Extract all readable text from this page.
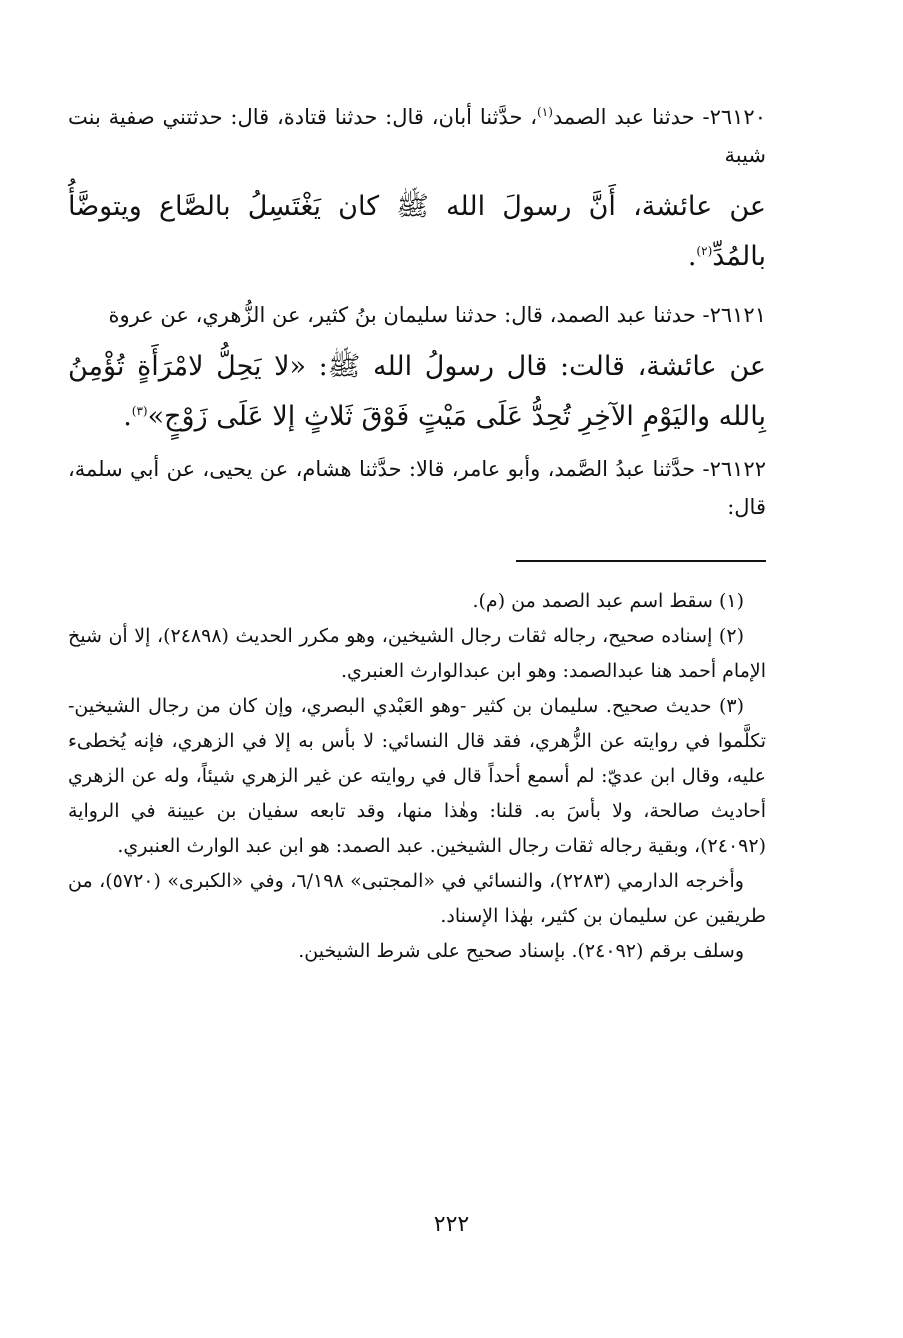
٢٦١٢٠- حدثنا عبد الصمد$^{(١)}$، حدَّثنا أبان، قال: حدثنا قتادة، قال: حدثتني صفية بنت شيبة

عن عائشة، أَنَّ رسولَ الله ﷺ كان يَغْتَسِلُ بالصَّاع ويتوضَّأُ بالمُدِّ$^{(٢)}$.

٢٦١٢١- حدثنا عبد الصمد، قال: حدثنا سليمان بنُ كثير، عن الزُّهري، عن عروة

عن عائشة، قالت: قال رسولُ الله ﷺ: «لا يَحِلُّ لامْرَأَةٍ تُؤْمِنُ بِالله واليَوْمِ الآخِرِ تُحِدُّ عَلَى مَيْتٍ فَوْقَ ثَلاثٍ إلا عَلَى زَوْجٍ»$^{(٣)}$.

٢٦١٢٢- حدَّثنا عبدُ الصَّمد، وأبو عامر، قالا: حدَّثنا هشام، عن يحيى، عن أبي سلمة، قال:

(١) سقط اسم عبد الصمد من (م).

(٢) إسناده صحيح، رجاله ثقات رجال الشيخين، وهو مكرر الحديث (٢٤٨٩٨)، إلا أن شيخ الإمام أحمد هنا عبدالصمد: وهو ابن عبدالوارث العنبري.

(٣) حديث صحيح. سليمان بن كثير -وهو العَبْدي البصري، وإن كان من رجال الشيخين- تكلَّموا في روايته عن الزُّهري، فقد قال النسائي: لا بأس به إلا في الزهري، فإنه يُخطىء عليه، وقال ابن عديّ: لم أسمع أحداً قال في روايته عن غير الزهري شيئاً، وله عن الزهري أحاديث صالحة، ولا بأسَ به. قلنا: وهٰذا منها، وقد تابعه سفيان بن عيينة في الرواية (٢٤٠٩٢)، وبقية رجاله ثقات رجال الشيخين. عبد الصمد: هو ابن عبد الوارث العنبري.

وأخرجه الدارمي (٢٢٨٣)، والنسائي في «المجتبى» ٦/١٩٨، وفي «الكبرى» (٥٧٢٠)، من طريقين عن سليمان بن كثير، بهٰذا الإسناد.

وسلف برقم (٢٤٠٩٢). بإسناد صحيح على شرط الشيخين.

٢٢٢
